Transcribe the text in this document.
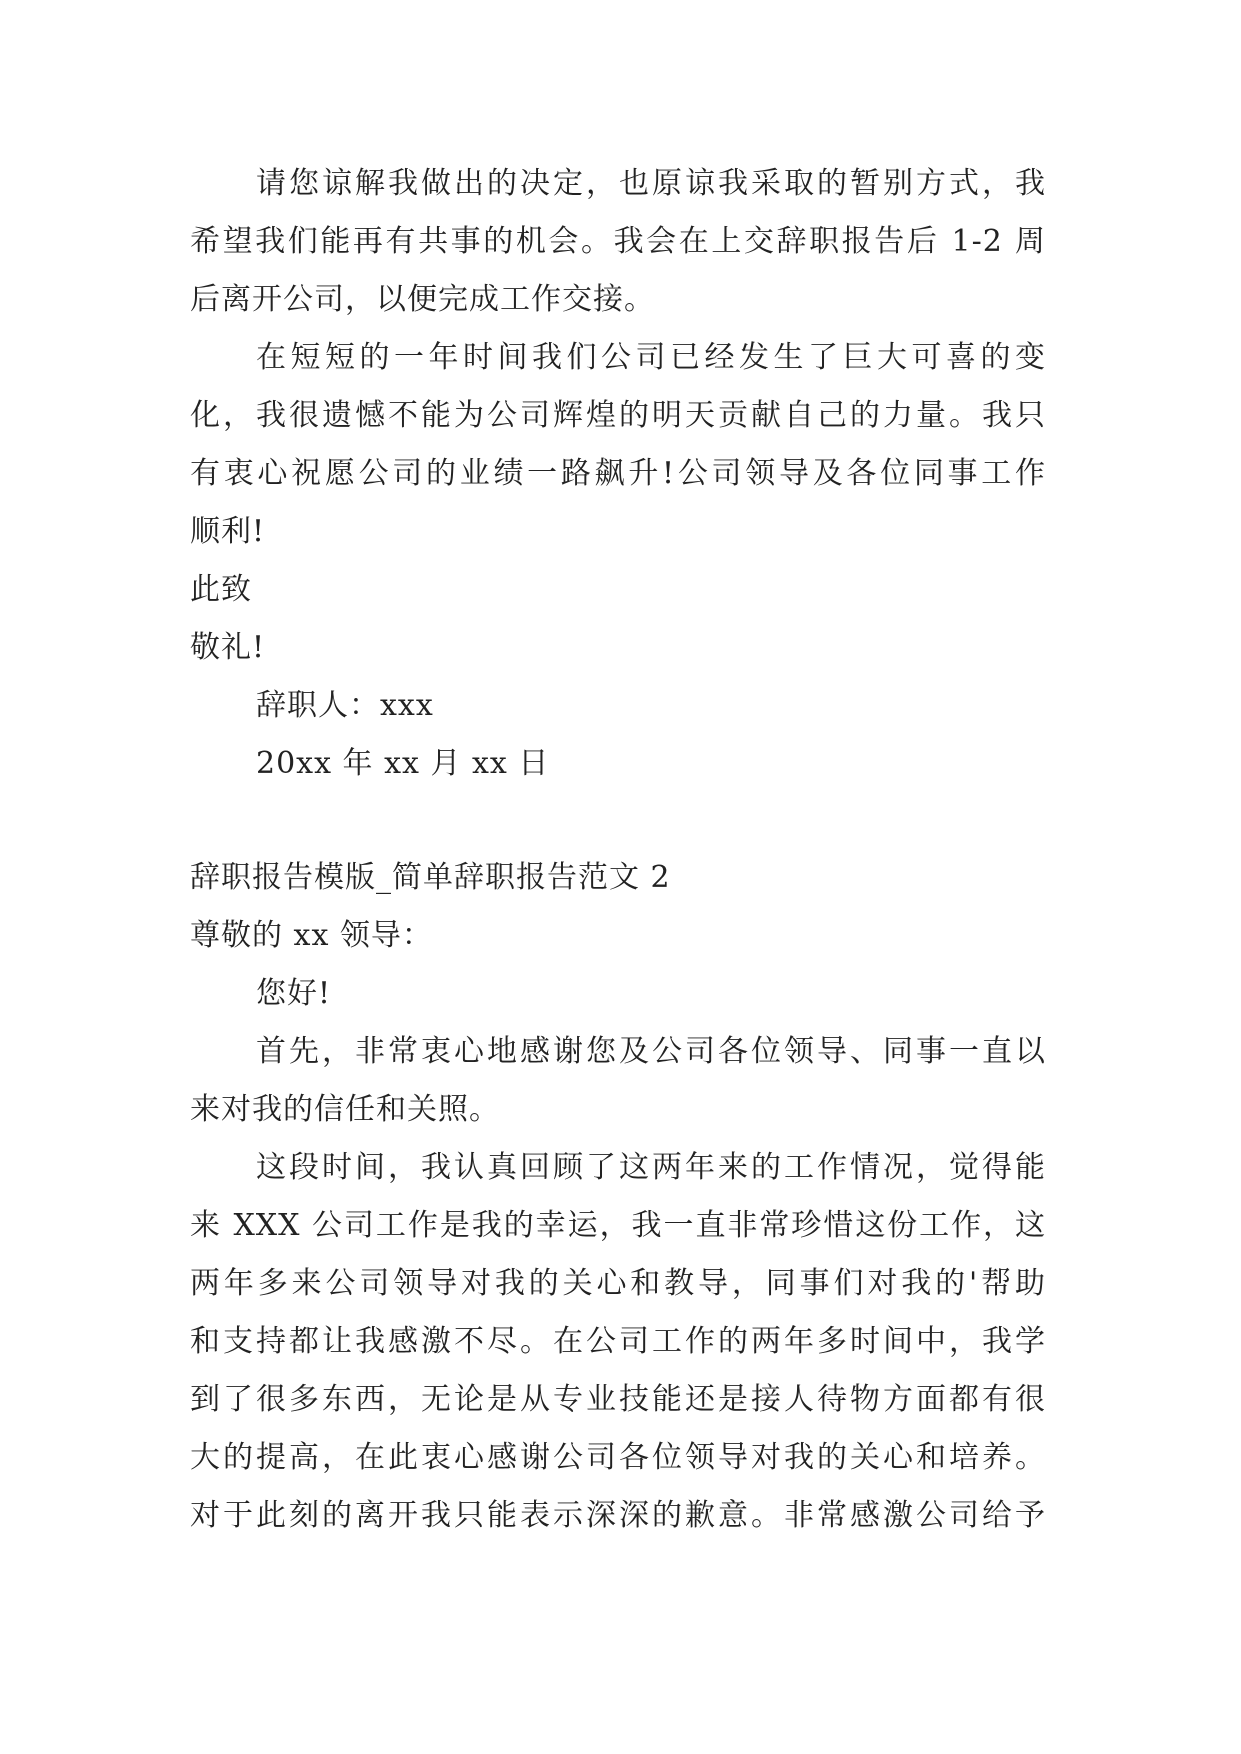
请您谅解我做出的决定，也原谅我采取的暂别方式，我

希望我们能再有共事的机会。我会在上交辞职报告后 1-2 周

后离开公司，以便完成工作交接。

在短短的一年时间我们公司已经发生了巨大可喜的变

化，我很遗憾不能为公司辉煌的明天贡献自己的力量。我只

有衷心祝愿公司的业绩一路飙升!公司领导及各位同事工作

顺利!

此致

敬礼!

辞职人：xxx

20xx 年 xx 月 xx 日

辞职报告模版_简单辞职报告范文 2

尊敬的 xx 领导：

您好!

首先，非常衷心地感谢您及公司各位领导、同事一直以

来对我的信任和关照。

这段时间，我认真回顾了这两年来的工作情况，觉得能

来 XXX 公司工作是我的幸运，我一直非常珍惜这份工作，这

两年多来公司领导对我的关心和教导，同事们对我的'帮助

和支持都让我感激不尽。在公司工作的两年多时间中，我学

到了很多东西，无论是从专业技能还是接人待物方面都有很

大的提高，在此衷心感谢公司各位领导对我的关心和培养。

对于此刻的离开我只能表示深深的歉意。非常感激公司给予
